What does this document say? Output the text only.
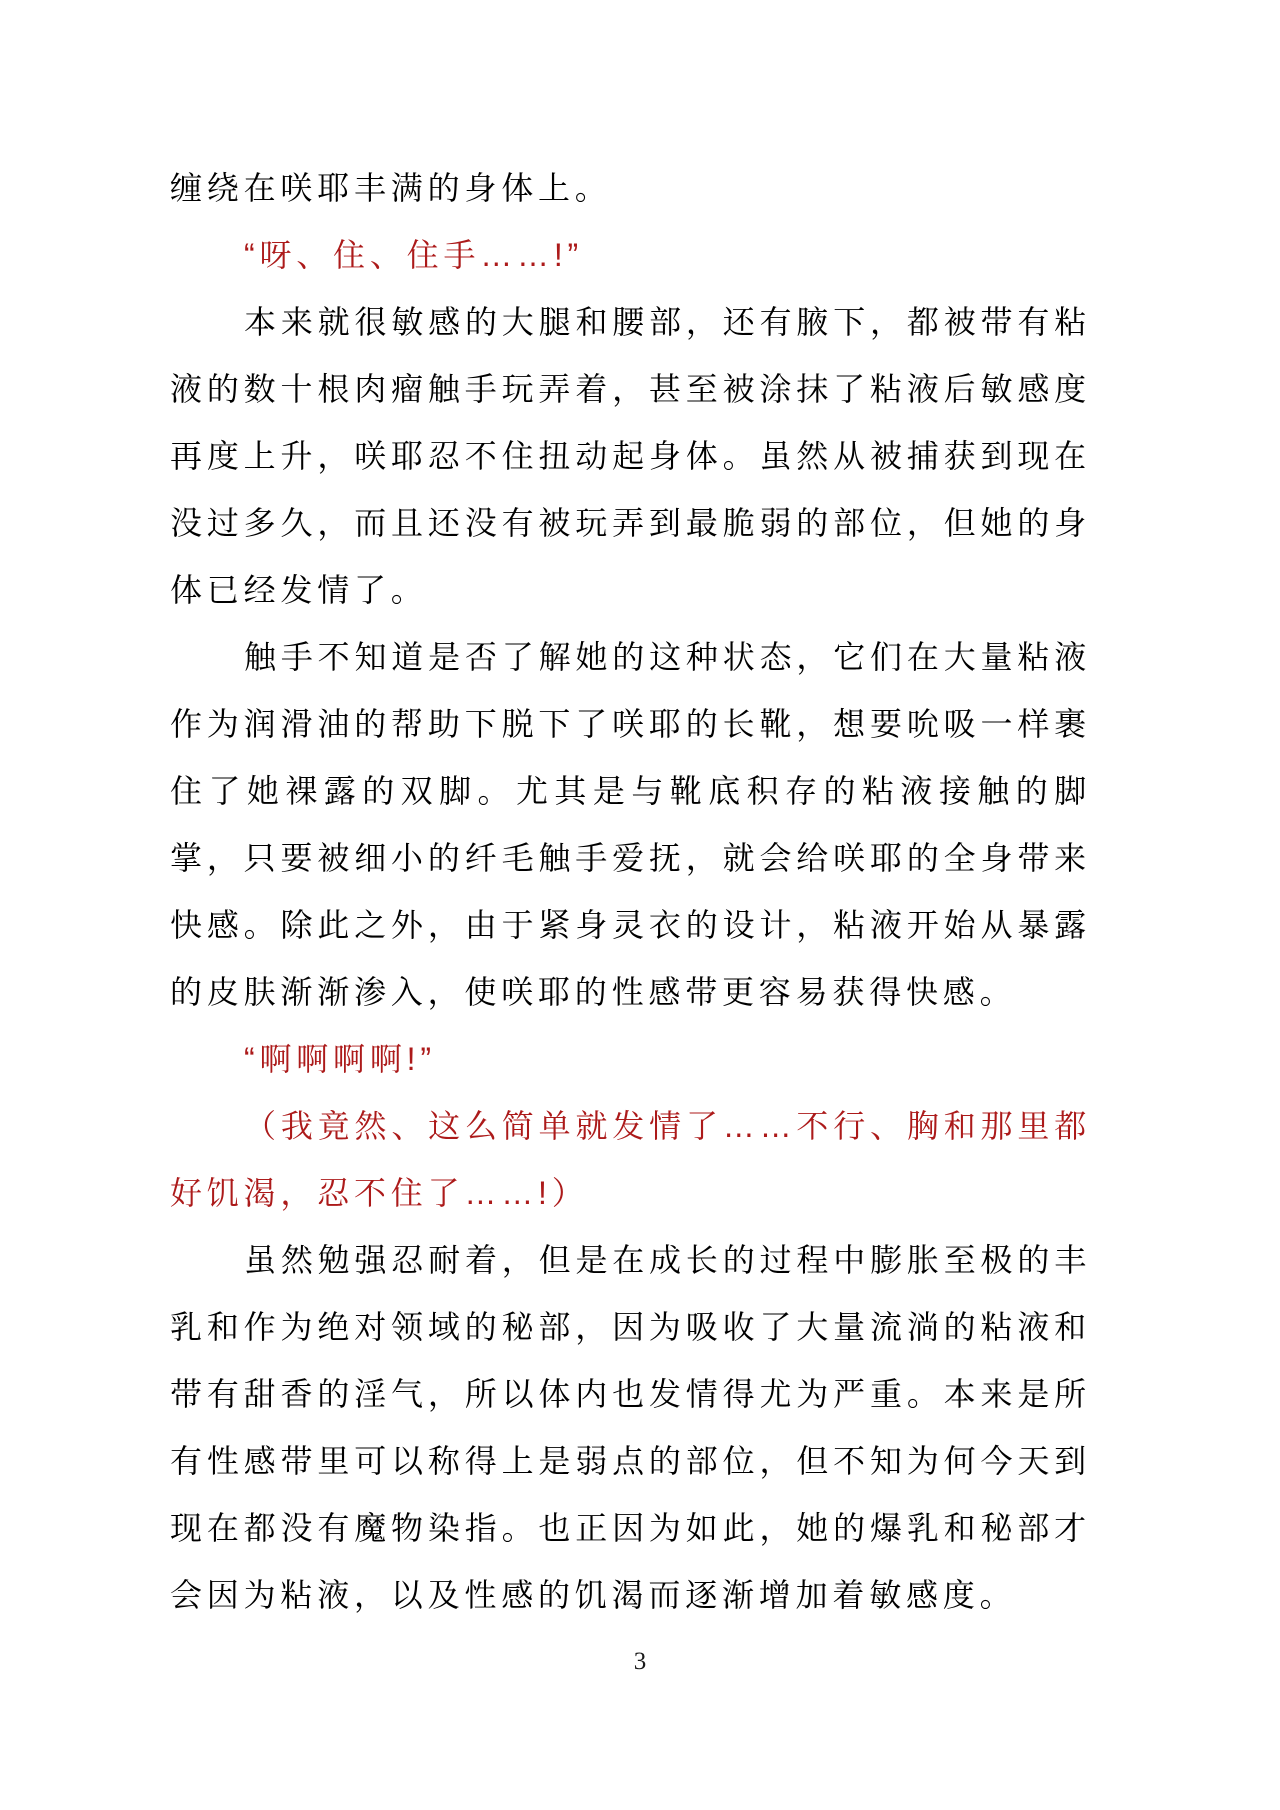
缠绕在咲耶丰满的身体上。

“呀、住、住手……!”

本来就很敏感的大腿和腰部，还有腋下，都被带有粘液的数十根肉瘤触手玩弄着，甚至被涂抹了粘液后敏感度再度上升，咲耶忍不住扭动起身体。虽然从被捕获到现在没过多久，而且还没有被玩弄到最脆弱的部位，但她的身体已经发情了。

触手不知道是否了解她的这种状态，它们在大量粘液作为润滑油的帮助下脱下了咲耶的长靴，想要吮吸一样裹住了她裸露的双脚。尤其是与靴底积存的粘液接触的脚掌，只要被细小的纤毛触手爱抚，就会给咲耶的全身带来快感。除此之外，由于紧身灵衣的设计，粘液开始从暴露的皮肤渐渐渗入，使咲耶的性感带更容易获得快感。

“啊啊啊啊!”

（我竟然、这么简单就发情了……不行、胸和那里都好饥渴，忍不住了……!）

虽然勉强忍耐着，但是在成长的过程中膨胀至极的丰乳和作为绝对领域的秘部，因为吸收了大量流淌的粘液和带有甜香的淫气，所以体内也发情得尤为严重。本来是所有性感带里可以称得上是弱点的部位，但不知为何今天到现在都没有魔物染指。也正因为如此，她的爆乳和秘部才会因为粘液，以及性感的饥渴而逐渐增加着敏感度。

3
